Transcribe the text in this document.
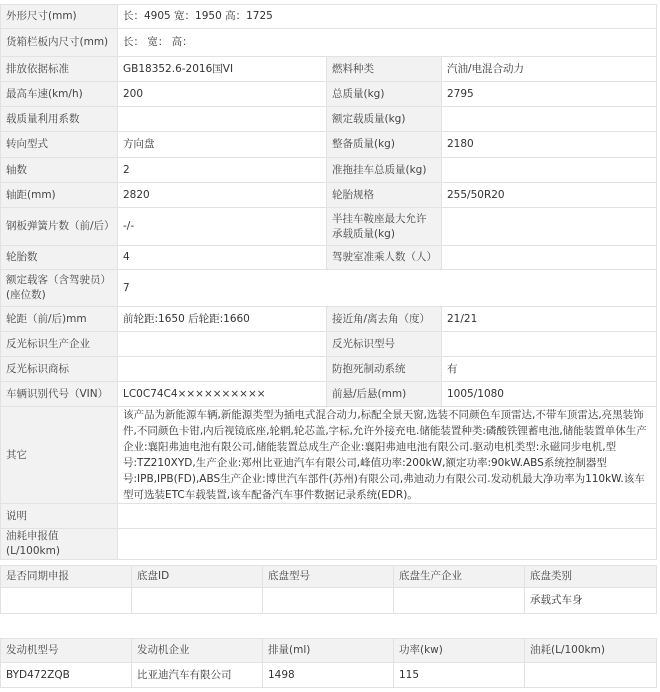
外形尺寸(mm)	长：4905 宽：1950 高：1725		
货箱栏板内尺寸(mm)	长： 宽： 高：		
排放依据标准	GB18352.6-2016国VI	燃料种类	汽油/电混合动力
最高车速(km/h)	200	总质量(kg)	2795
载质量利用系数		额定载质量(kg)	
转向型式	方向盘	整备质量(kg)	2180
轴数	2	准拖挂车总质量(kg)	
轴距(mm)	2820	轮胎规格	255/50R20
钢板弹簧片数（前/后）	-/-	半挂车鞍座最大允许承载质量(kg)	
轮胎数	4	驾驶室准乘人数（人）	
额定载客（含驾驶员）(座位数)	7		
轮距（前/后)mm	前轮距:1650 后轮距:1660	接近角/离去角（度）	21/21
反光标识生产企业		反光标识型号	
反光标识商标		防抱死制动系统	有
车辆识别代号（VIN）	LC0C74C4××××××××××	前悬/后悬(mm)	1005/1080
其它	该产品为新能源车辆,新能源类型为插电式混合动力,标配全景天窗,选装不同颜色车顶雷达,不带车顶雷达,亮黑装饰件,不同颜色卡钳,内后视镜底座,轮辋,轮芯盖,字标,允许外接充电.储能装置种类:磷酸铁锂蓄电池,储能装置单体生产企业:襄阳弗迪电池有限公司,储能装置总成生产企业:襄阳弗迪电池有限公司.驱动电机类型:永磁同步电机,型号:TZ210XYD,生产企业:郑州比亚迪汽车有限公司,峰值功率:200kW,额定功率:90kW.ABS系统控制器型号:IPB,IPB(FD),ABS生产企业:博世汽车部件(苏州)有限公司,弗迪动力有限公司.发动机最大净功率为110kW.该车型可选装ETC车载装置,该车配备汽车事件数据记录系统(EDR)。		

说明			
油耗申报值(L/100km)			
是否同期申报	底盘ID	底盘型号	底盘生产企业	底盘类别
				承载式车身
发动机型号	发动机企业	排量(ml)	功率(kw)	油耗(L/100km)
BYD472ZQB	比亚迪汽车有限公司	1498	115	
